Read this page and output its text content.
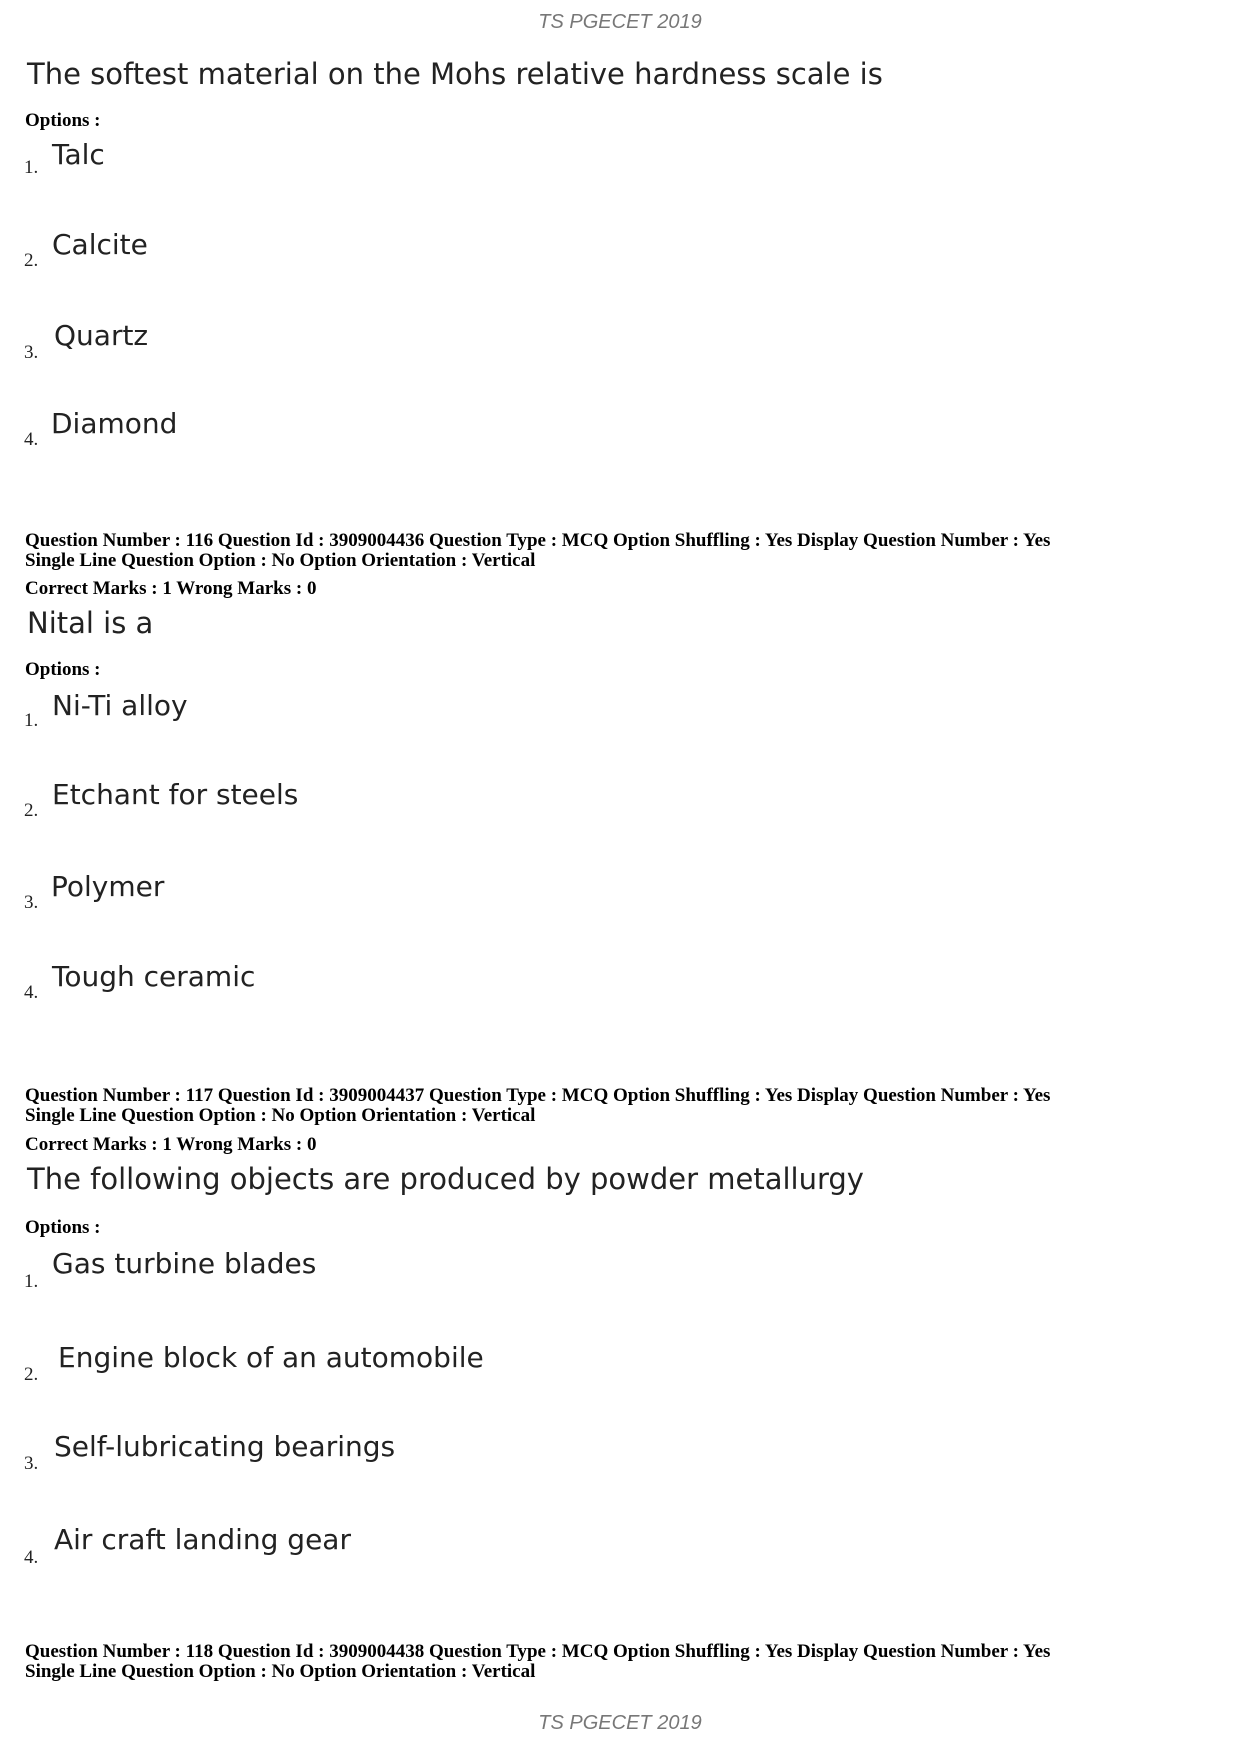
TS PGECET 2019
The softest material on the Mohs relative hardness scale is
Options :
1. Talc
2. Calcite
3.
Quartz
4. Diamond
Question Number : 116 Question Id : 3909004436 Question Type : MCQ Option Shuffling : Yes Display Question Number : Yes
Single Line Question Option : No Option Orientation : Vertical
Correct Marks : 1 Wrong Marks : 0
Nital is a
Options :
1. Ni-Ti alloy
2. Etchant for steels
3. Polymer
4. Tough ceramic
Question Number : 117 Question Id : 3909004437 Question Type : MCQ Option Shuffling : Yes Display Question Number : Yes
Single Line Question Option : No Option Orientation : Vertical
Correct Marks : 1 Wrong Marks : 0
The following objects are produced by powder metallurgy
Options :
1.
Gas turbine blades
2.
Engine block of an automobile
3.
Self-lubricating bearings
4.
Air craft landing gear
Question Number : 118 Question Id : 3909004438 Question Type : MCQ Option Shuffling : Yes Display Question Number : Yes
Single Line Question Option : No Option Orientation : Vertical
TS PGECET 2019
